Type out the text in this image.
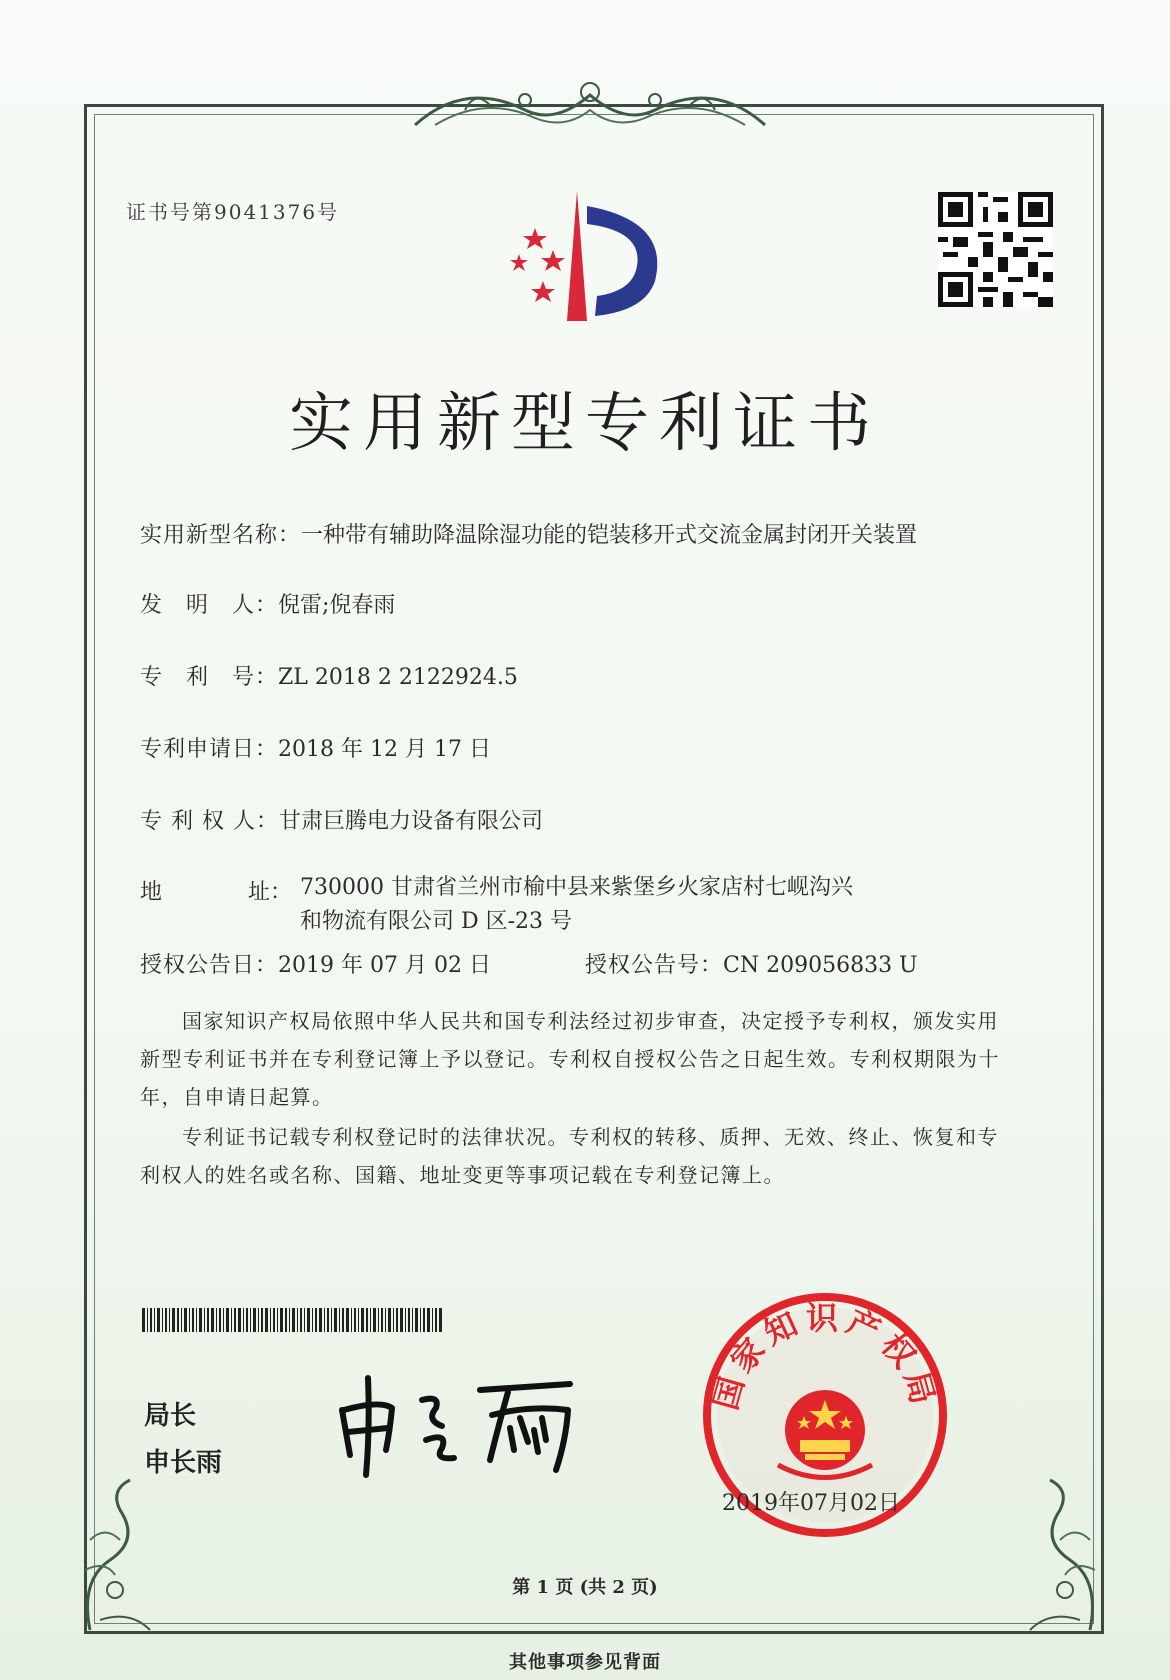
证书号第9041376号
实用新型专利证书
实用新型名称：一种带有辅助降温除湿功能的铠装移开式交流金属封闭开关装置
发　明　人：倪雷;倪春雨
专　利　号：ZL 2018 2 2122924.5
专利申请日：2018 年 12 月 17 日
专 利 权 人：甘肃巨腾电力设备有限公司
地	址： 730000 甘肃省兰州市榆中县来紫堡乡火家店村七岘沟兴
和物流有限公司 D 区-23 号
授权公告日：2019 年 07 月 02 日	授权公告号：CN 209056833 U
国家知识产权局依照中华人民共和国专利法经过初步审查，决定授予专利权，颁发实用
新型专利证书并在专利登记簿上予以登记。专利权自授权公告之日起生效。专利权期限为十
年，自申请日起算。
专利证书记载专利权登记时的法律状况。专利权的转移、质押、无效、终止、恢复和专
利权人的姓名或名称、国籍、地址变更等事项记载在专利登记簿上。
局长
申长雨
国家知识产权局
2019年07月02日
第 1 页 (共 2 页)
其他事项参见背面
